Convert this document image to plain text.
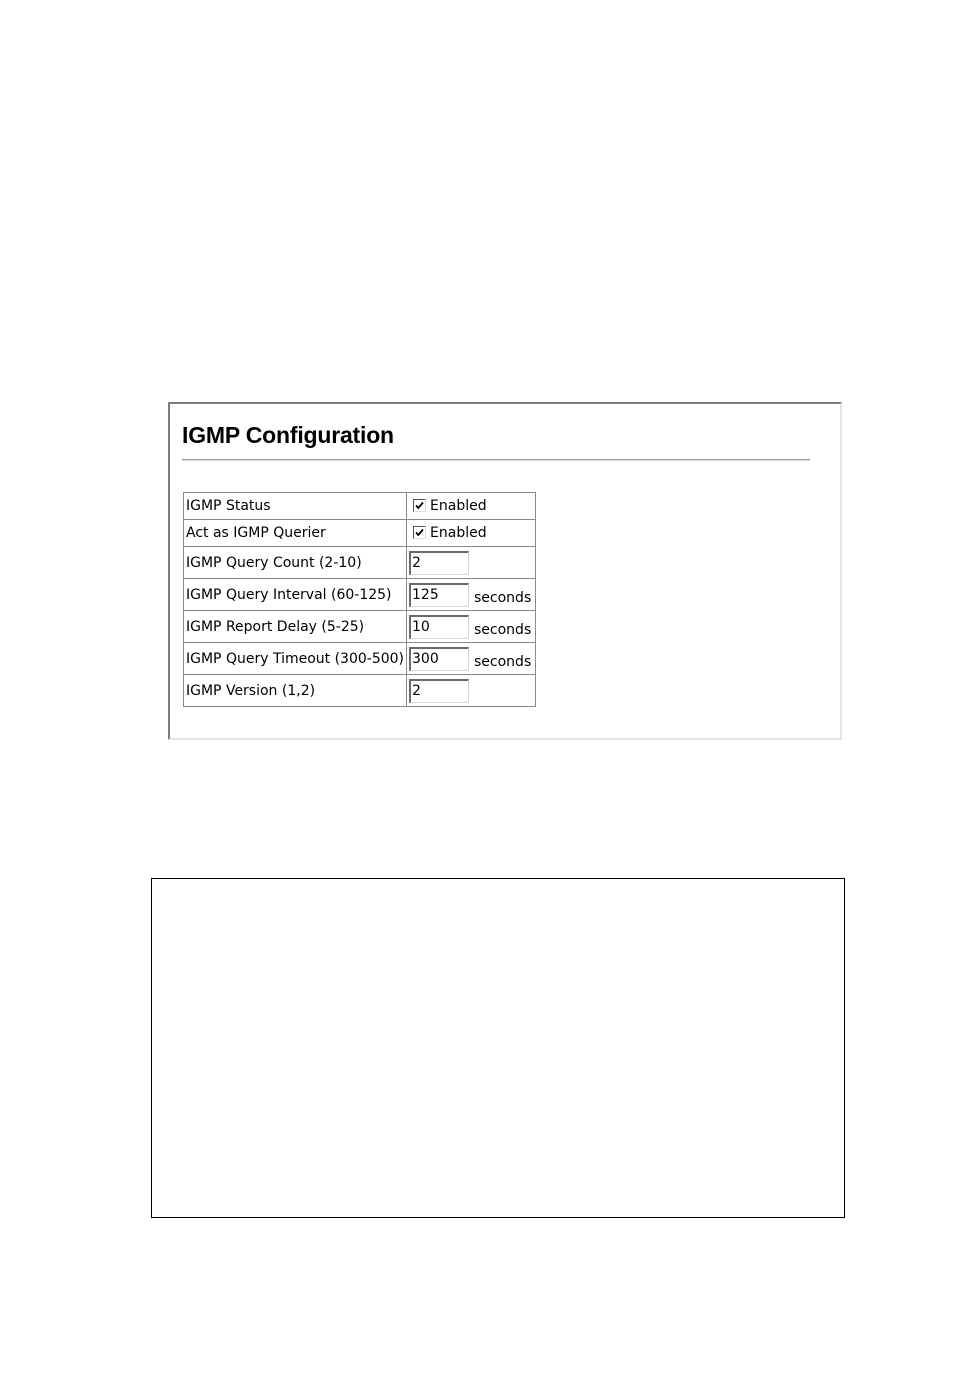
IGMP Configuration
IGMP Status	Enabled
Act as IGMP Querier	Enabled
IGMP Query Count (2-10)	2
IGMP Query Interval (60-125)	125 seconds
IGMP Report Delay (5-25)	10 seconds
IGMP Query Timeout (300-500)	300 seconds
IGMP Version (1,2)	2
